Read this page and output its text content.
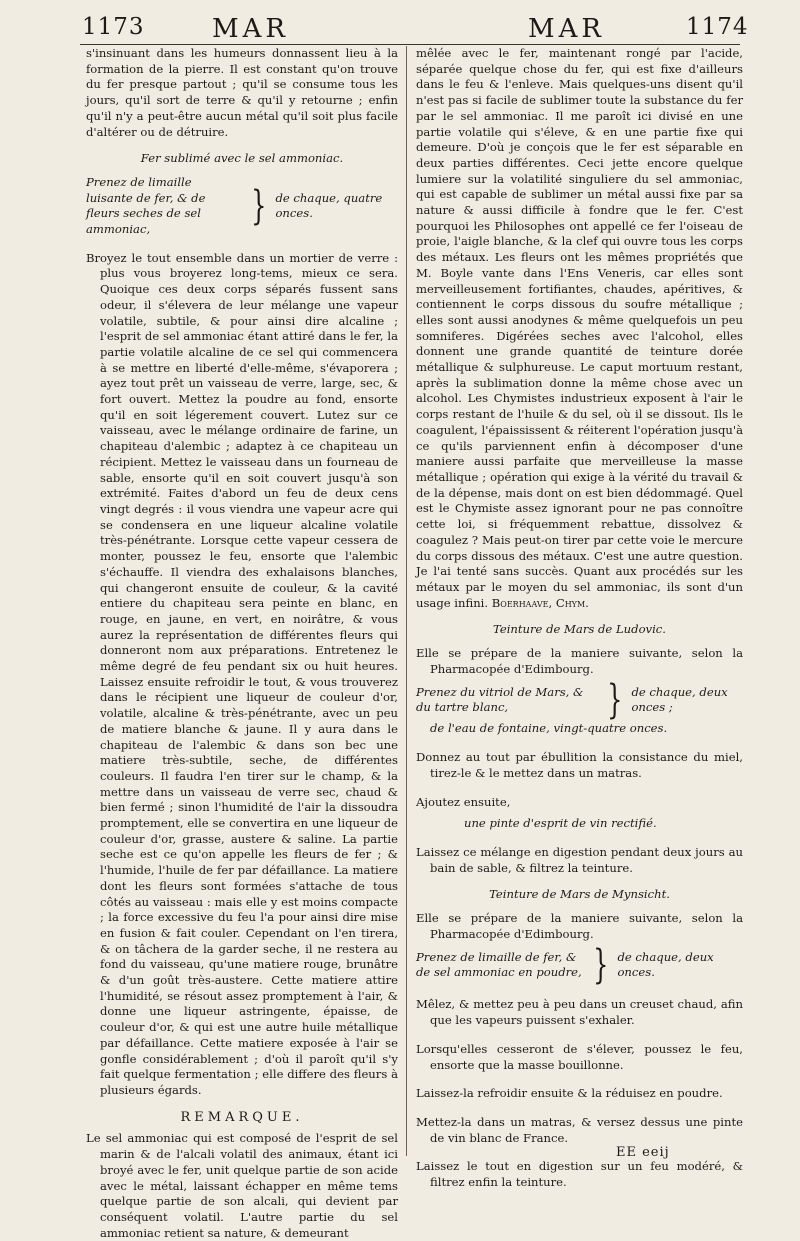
1173	MAR	MAR	1174

s'insinuant dans les humeurs donnassent lieu à la formation de la pierre. Il est constant qu'on trouve du fer presque partout ; qu'il se consume tous les jours, qu'il sort de terre & qu'il y retourne ; enfin qu'il n'y a peut-être aucun métal qu'il soit plus facile d'altérer ou de détruire.

Fer sublimé avec le sel ammoniac.

Prenez de limaille luisante de fer, & de fleurs seches de sel ammoniac,	} de chaque, quatre onces.

Broyez le tout ensemble dans un mortier de verre : plus vous broyerez long-tems, mieux ce sera. Quoique ces deux corps séparés fussent sans odeur, il s'élevera de leur mélange une vapeur volatile, subtile, & pour ainsi dire alcaline ; l'esprit de sel ammoniac étant attiré dans le fer, la partie volatile alcaline de ce sel qui commencera à se mettre en liberté d'elle-même, s'évaporera ; ayez tout prêt un vaisseau de verre, large, sec, & fort ouvert. Mettez la poudre au fond, ensorte qu'il en soit légerement couvert. Lutez sur ce vaisseau, avec le mélange ordinaire de farine, un chapiteau d'alembic ; adaptez à ce chapiteau un récipient. Mettez le vaisseau dans un fourneau de sable, ensorte qu'il en soit couvert jusqu'à son extrémité. Faites d'abord un feu de deux cens vingt degrés : il vous viendra une vapeur acre qui se condensera en une liqueur alcaline volatile très-pénétrante. Lorsque cette vapeur cessera de monter, poussez le feu, ensorte que l'alembic s'échauffe. Il viendra des exhalaisons blanches, qui changeront ensuite de couleur, & la cavité entiere du chapiteau sera peinte en blanc, en rouge, en jaune, en vert, en noirâtre, & vous aurez la représentation de différentes fleurs qui donneront nom aux préparations. Entretenez le même degré de feu pendant six ou huit heures. Laissez ensuite refroidir le tout, & vous trouverez dans le récipient une liqueur de couleur d'or, volatile, alcaline & très-pénétrante, avec un peu de matiere blanche & jaune. Il y aura dans le chapiteau de l'alembic & dans son bec une matiere très-subtile, seche, de différentes couleurs. Il faudra l'en tirer sur le champ, & la mettre dans un vaisseau de verre sec, chaud & bien fermé ; sinon l'humidité de l'air la dissoudra promptement, elle se convertira en une liqueur de couleur d'or, grasse, austere & saline. La partie seche est ce qu'on appelle les fleurs de fer ; & l'humide, l'huile de fer par défaillance. La matiere dont les fleurs sont formées s'attache de tous côtés au vaisseau : mais elle y est moins compacte ; la force excessive du feu l'a pour ainsi dire mise en fusion & fait couler. Cependant on l'en tirera, & on tâchera de la garder seche, il ne restera au fond du vaisseau, qu'une matiere rouge, brunâtre & d'un goût très-austere. Cette matiere attire l'humidité, se résout assez promptement à l'air, & donne une liqueur astringente, épaisse, de couleur d'or, & qui est une autre huile métallique par défaillance. Cette matiere exposée à l'air se gonfle considérablement ; d'où il paroît qu'il s'y fait quelque fermentation ; elle differe des fleurs à plusieurs égards.

REMARQUE.

Le sel ammoniac qui est composé de l'esprit de sel marin & de l'alcali volatil des animaux, étant ici broyé avec le fer, unit quelque partie de son acide avec le métal, laissant échapper en même tems quelque partie de son alcali, qui devient par conséquent volatil. L'autre partie du sel ammoniac retient sa nature, & demeurant

mêlée avec le fer, maintenant rongé par l'acide, séparée quelque chose du fer, qui est fixe d'ailleurs dans le feu & l'enleve. Mais quelques-uns disent qu'il n'est pas si facile de sublimer toute la substance du fer par le sel ammoniac. Il me paroît ici divisé en une partie volatile qui s'éleve, & en une partie fixe qui demeure. D'où je conçois que le fer est séparable en deux parties différentes. Ceci jette encore quelque lumiere sur la volatilité singuliere du sel ammoniac, qui est capable de sublimer un métal aussi fixe par sa nature & aussi difficile à fondre que le fer. C'est pourquoi les Philosophes ont appellé ce fer l'oiseau de proie, l'aigle blanche, & la clef qui ouvre tous les corps des métaux. Les fleurs ont les mêmes propriétés que M. Boyle vante dans l'Ens Veneris, car elles sont merveilleusement fortifiantes, chaudes, apéritives, & contiennent le corps dissous du soufre métallique ; elles sont aussi anodynes & même quelquefois un peu somniferes. Digérées seches avec l'alcohol, elles donnent une grande quantité de teinture dorée métallique & sulphureuse. Le caput mortuum restant, après la sublimation donne la même chose avec un alcohol. Les Chymistes industrieux exposent à l'air le corps restant de l'huile & du sel, où il se dissout. Ils le coagulent, l'épaississent & réiterent l'opération jusqu'à ce qu'ils parviennent enfin à décomposer d'une maniere aussi parfaite que merveilleuse la masse métallique ; opération qui exige à la vérité du travail & de la dépense, mais dont on est bien dédommagé. Quel est le Chymiste assez ignorant pour ne pas connoître cette loi, si fréquemment rebattue, dissolvez & coagulez ? Mais peut-on tirer par cette voie le mercure du corps dissous des métaux. C'est une autre question. Je l'ai tenté sans succès. Quant aux procédés sur les métaux par le moyen du sel ammoniac, ils sont d'un usage infini. Boerhaave, Chym.

Teinture de Mars de Ludovic.

Elle se prépare de la maniere suivante, selon la Pharmacopée d'Edimbourg.

Prenez du vitriol de Mars, & du tartre blanc,	} de chaque, deux onces ;

de l'eau de fontaine, vingt-quatre onces.

Donnez au tout par ébullition la consistance du miel, tirez-le & le mettez dans un matras.

Ajoutez ensuite,

une pinte d'esprit de vin rectifié.

Laissez ce mélange en digestion pendant deux jours au bain de sable, & filtrez la teinture.

Teinture de Mars de Mynsicht.

Elle se prépare de la maniere suivante, selon la Pharmacopée d'Edimbourg.

Prenez de limaille de fer, & de sel ammoniac en poudre, } de chaque, deux onces.

Mêlez, & mettez peu à peu dans un creuset chaud, afin que les vapeurs puissent s'exhaler.

Lorsqu'elles cesseront de s'élever, poussez le feu, ensorte que la masse bouillonne.

Laissez-la refroidir ensuite & la réduisez en poudre.

Mettez-la dans un matras, & versez dessus une pinte de vin blanc de France.

Laissez le tout en digestion sur un feu modéré, & filtrez enfin la teinture.

EE eeij
